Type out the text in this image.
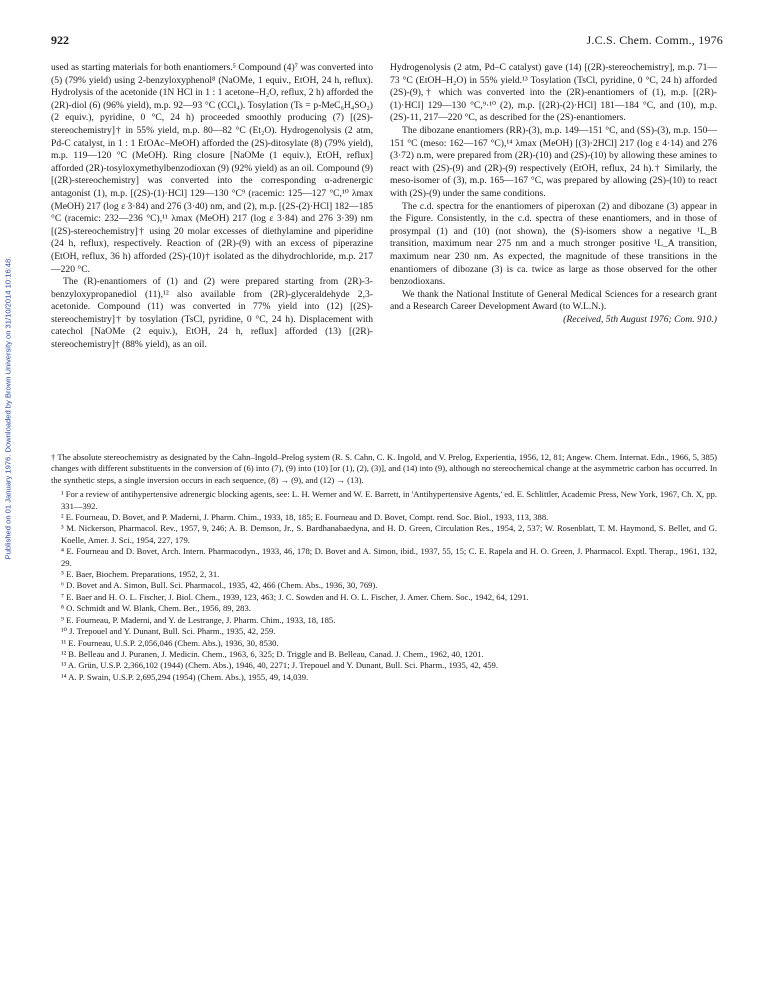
Published on 01 January 1976. Downloaded by Brown University on 31/10/2014 10:16:48.
922	J.C.S. Chem. Comm., 1976

used as starting materials for both enantiomers.⁵ Compound (4)⁷ was converted into (5) (79% yield) using 2-benzyloxyphenol⁸ (NaOMe, 1 equiv., EtOH, 24 h, reflux). Hydrolysis of the acetonide (1N HCl in 1 : 1 acetone–H₂O, reflux, 2 h) afforded the (2R)-diol (6) (96% yield), m.p. 92—93 °C (CCl₄). Tosylation (Ts = p-MeC₆H₄SO₂) (2 equiv.), pyridine, 0 °C, 24 h) proceeded smoothly producing (7) [(2S)-stereochemistry]† in 55% yield, m.p. 80—82 °C (Et₂O). Hydrogenolysis (2 atm, Pd-C catalyst, in 1 : 1 EtOAc–MeOH) afforded the (2S)-ditosylate (8) (79% yield), m.p. 119—120 °C (MeOH). Ring closure [NaOMe (1 equiv.), EtOH, reflux] afforded (2R)-tosyloxymethylbenzodioxan (9) (92% yield) as an oil. Compound (9) [(2R)-stereochemistry] was converted into the corresponding α-adrenergic antagonist (1), m.p. [(2S)-(1)·HCl] 129—130 °C⁹ (racemic: 125—127 °C,¹⁰ λmax (MeOH) 217 (log ε 3·84) and 276 (3·40) nm, and (2), m.p. [(2S-(2)·HCl] 182—185 °C (racemic: 232—236 °C),¹¹ λmax (MeOH) 217 (log ε 3·84) and 276 3·39) nm [(2S)-stereochemistry]† using 20 molar excesses of diethylamine and piperidine (24 h, reflux), respectively. Reaction of (2R)-(9) with an excess of piperazine (EtOH, reflux, 36 h) afforded (2S)-(10)† isolated as the dihydrochloride, m.p. 217—220 °C.

The (R)-enantiomers of (1) and (2) were prepared starting from (2R)-3-benzyloxypropanediol (11),¹² also available from (2R)-glyceraldehyde 2,3-acetonide. Compound (11) was converted in 77% yield into (12) [(2S)-stereochemistry]† by tosylation (TsCl, pyridine, 0 °C, 24 h). Displacement with catechol [NaOMe (2 equiv.), EtOH, 24 h, reflux] afforded (13) [(2R)-stereochemistry]† (88% yield), as an oil.

Hydrogenolysis (2 atm, Pd–C catalyst) gave (14) [(2R)-stereochemistry], m.p. 71—73 °C (EtOH–H₂O) in 55% yield.¹³ Tosylation (TsCl, pyridine, 0 °C, 24 h) afforded (2S)-(9),† which was converted into the (2R)-enantiomers of (1), m.p. [(2R)-(1)·HCl] 129—130 °C,⁹·¹⁰ (2), m.p. [(2R)-(2)·HCl] 181—184 °C, and (10), m.p. (2S)-11, 217—220 °C, as described for the (2S)-enantiomers.

The dibozane enantiomers (RR)-(3), m.p. 149—151 °C, and (SS)-(3), m.p. 150—151 °C (meso: 162—167 °C),¹⁴ λmax (MeOH) [(3)·2HCl] 217 (log ε 4·14) and 276 (3·72) n.m, were prepared from (2R)-(10) and (2S)-(10) by allowing these amines to react with (2S)-(9) and (2R)-(9) respectively (EtOH, reflux, 24 h).† Similarly, the meso-isomer of (3), m.p. 165—167 °C, was prepared by allowing (2S)-(10) to react with (2S)-(9) under the same conditions.

The c.d. spectra for the enantiomers of piperoxan (2) and dibozane (3) appear in the Figure. Consistently, in the c.d. spectra of these enantiomers, and in those of prosympal (1) and (10) (not shown), the (S)-isomers show a negative ¹L_B transition, maximum near 275 nm and a much stronger positive ¹L_A transition, maximum near 230 nm. As expected, the magnitude of these transitions in the enantiomers of dibozane (3) is ca. twice as large as those observed for the other benzodioxans.

We thank the National Institute of General Medical Sciences for a research grant and a Research Career Development Award (to W.L.N.).

(Received, 5th August 1976; Com. 910.)

† The absolute stereochemistry as designated by the Cahn–Ingold–Prelog system (R. S. Cahn, C. K. Ingold, and V. Prelog, Experientia, 1956, 12, 81; Angew. Chem. Internat. Edn., 1966, 5, 385) changes with different substituents in the conversion of (6) into (7), (9) into (10) [or (1), (2), (3)], and (14) into (9), although no stereochemical change at the asymmetric carbon has occurred. In the synthetic steps, a single inversion occurs in each sequence, (8) → (9), and (12) → (13).

¹ For a review of antihypertensive adrenergic blocking agents, see: L. H. Werner and W. E. Barrett, in 'Antihypertensive Agents,' ed. E. Schlittler, Academic Press, New York, 1967, Ch. X, pp. 331—392.

² E. Fourneau, D. Bovet, and P. Maderni, J. Pharm. Chim., 1933, 18, 185; E. Fourneau and D. Bovet, Compt. rend. Soc. Biol., 1933, 113, 388.

³ M. Nickerson, Pharmacol. Rev., 1957, 9, 246; A. B. Demson, Jr., S. Bardhanabaedyna, and H. D. Green, Circulation Res., 1954, 2, 537; W. Rosenblatt, T. M. Haymond, S. Bellet, and G. Koelle, Amer. J. Sci., 1954, 227, 179.

⁴ E. Fourneau and D. Bovet, Arch. Intern. Pharmacodyn., 1933, 46, 178; D. Bovet and A. Simon, ibid., 1937, 55, 15; C. E. Rapela and H. O. Green, J. Pharmacol. Exptl. Therap., 1961, 132, 29.

⁵ E. Baer, Biochem. Preparations, 1952, 2, 31.

⁶ D. Bovet and A. Simon, Bull. Sci. Pharmacol., 1935, 42, 466 (Chem. Abs., 1936, 30, 769).

⁷ E. Baer and H. O. L. Fischer, J. Biol. Chem., 1939, 123, 463; J. C. Sowden and H. O. L. Fischer, J. Amer. Chem. Soc., 1942, 64, 1291.

⁸ O. Schmidt and W. Blank, Chem. Ber., 1956, 89, 283.

⁹ E. Fourneau, P. Maderni, and Y. de Lestrange, J. Pharm. Chim., 1933, 18, 185.

¹⁰ J. Trepouel and Y. Dunant, Bull. Sci. Pharm., 1935, 42, 259.

¹¹ E. Fourneau, U.S.P. 2,056,046 (Chem. Abs.), 1936, 30, 8530.

¹² B. Belleau and J. Puranen, J. Medicin. Chem., 1963, 6, 325; D. Triggle and B. Belleau, Canad. J. Chem., 1962, 40, 1201.

¹³ A. Grün, U.S.P. 2,366,102 (1944) (Chem. Abs.), 1946, 40, 2271; J. Trepouel and Y. Dunant, Bull. Sci. Pharm., 1935, 42, 459.

¹⁴ A. P. Swain, U.S.P. 2,695,294 (1954) (Chem. Abs.), 1955, 49, 14,039.
